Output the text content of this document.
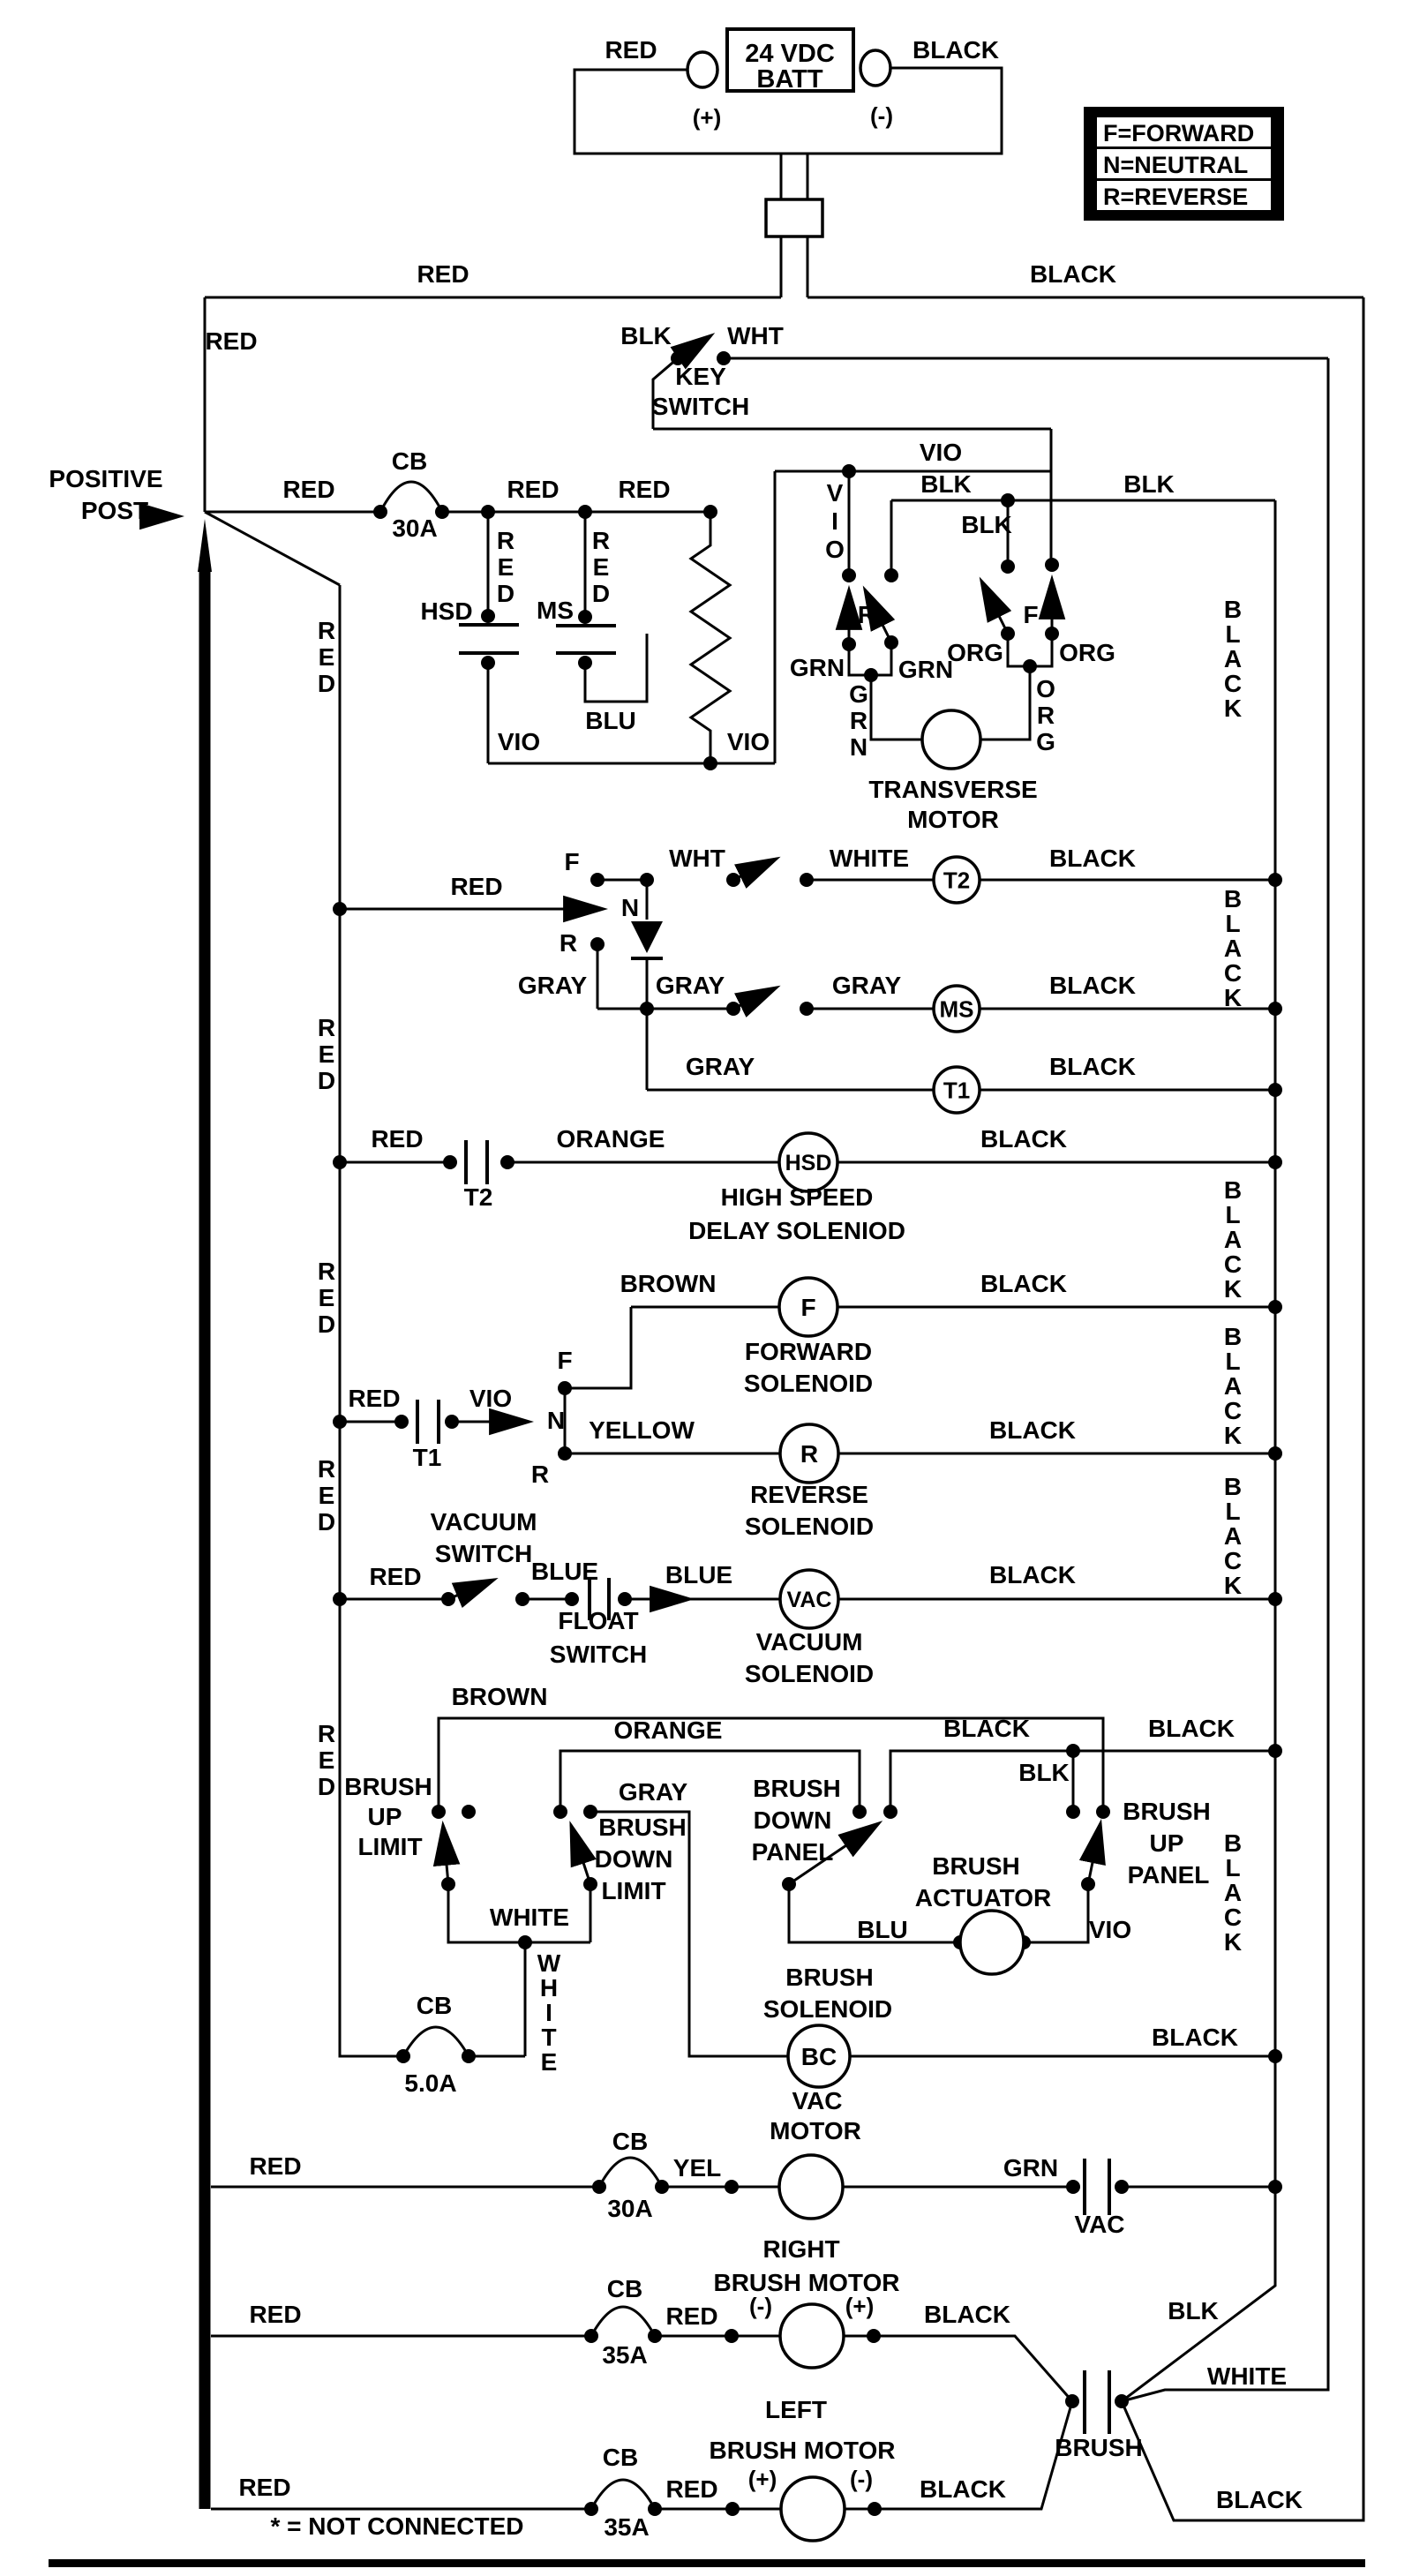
T2
MS
T1
HSD
F
R
VAC
BC
RED	BLACK
(+)	(-)
RED	BLACK
RED	BLK WHT
KEY
SWITCH
POSITIVE
POST
CB
30A
RED	RED RED
HSD	MS
R E D
R E D
BLU
VIO	VIO
VIO
V I O
BLK
BLK
BLK
R	F
GRN GRN
ORG ORG
G R N
O R G
TRANSVERSE
MOTOR
B L A C K
B L A C K
B L A C K
B L A C K
B L A C K
B L A C K
R E D
R E D
R E D
R E D
R E D
RED
N
F
R
WHT	WHITE	BLACK
GRAY	GRAY	GRAY	BLACK
GRAY	BLACK
RED
T2
ORANGE	BLACK
HIGH SPEED
DELAY SOLENIOD
BROWN	BLACK
FORWARD
SOLENOID
F
RED
T1
VIO
N
R
YELLOW	BLACK
REVERSE
SOLENOID
VACUUM
SWITCH
RED	BLUE	BLUE
FLOAT
SWITCH
BLACK
VACUUM
SOLENOID
BROWN
ORANGE	BLACK	BLACK
BLK
BRUSH
UP
LIMIT
GRAY
BRUSH
DOWN
LIMIT
BRUSH
DOWN
PANEL
BRUSH
UP
PANEL
BRUSH
ACTUATOR
BLU	VIO
WHITE
W H I T E
CB
5.0A
BRUSH
SOLENOID
BLACK
VAC
MOTOR
RED
CB
30A
YEL	GRN
VAC
RIGHT
BRUSH MOTOR
RED
CB
35A
RED (-)	(+) BLACK	BLK
LEFT
BRUSH MOTOR
RED
CB
35A
RED (+)	(-) BLACK
BRUSH
WHITE
BLACK
24 VDC
BATT
F=FORWARD
N=NEUTRAL
R=REVERSE
* = NOT CONNECTED
